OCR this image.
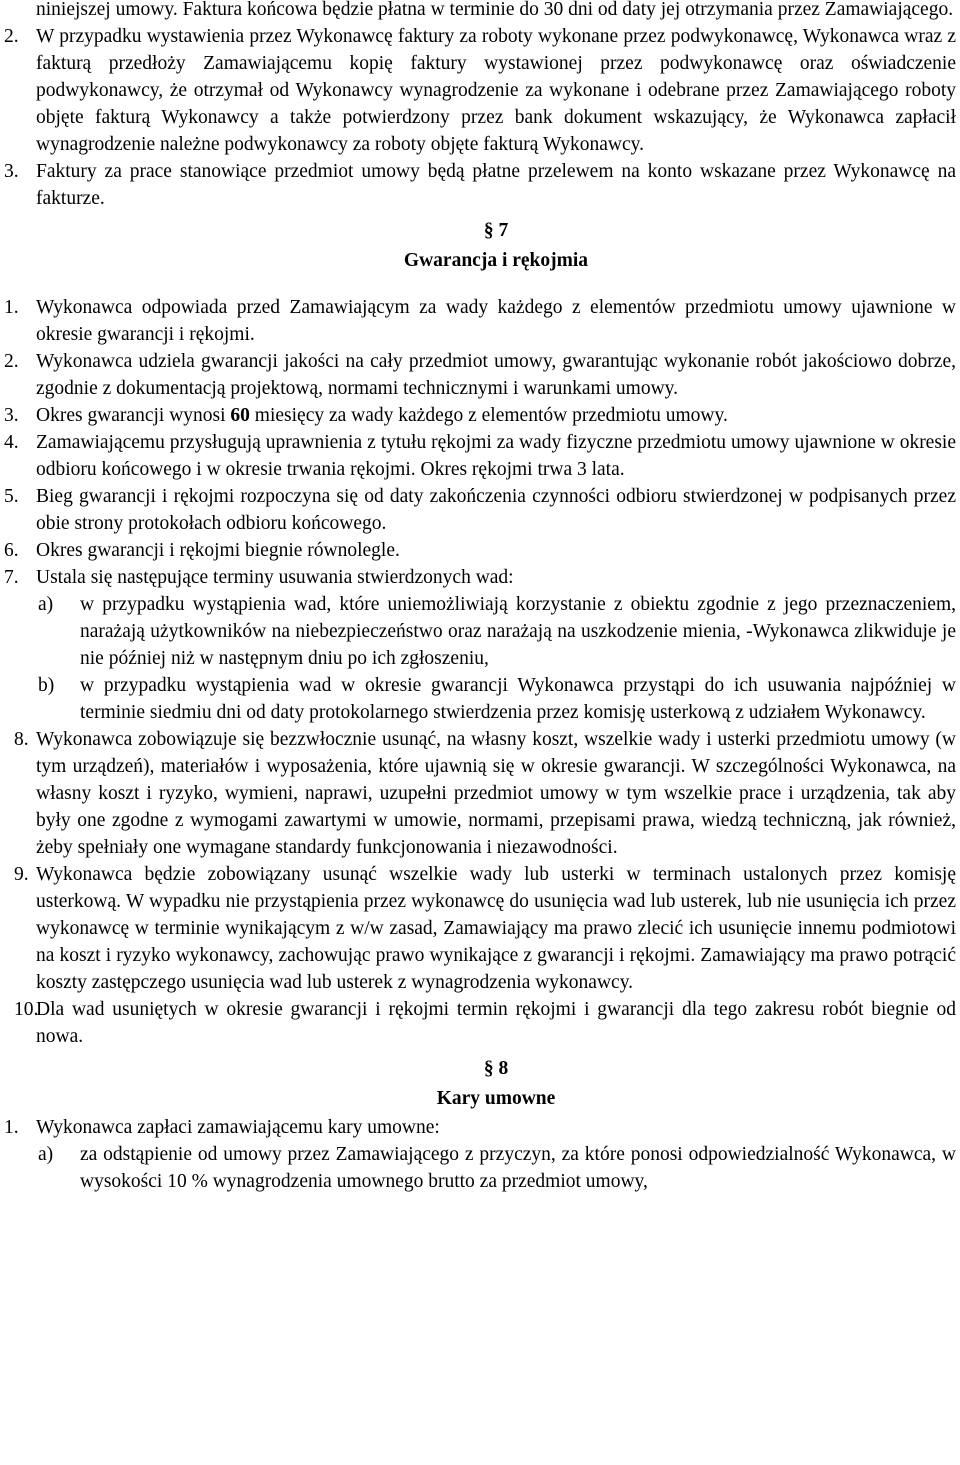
niniejszej umowy. Faktura końcowa będzie płatna w terminie do 30 dni od daty jej otrzymania przez Zamawiającego.

2. W przypadku wystawienia przez Wykonawcę faktury za roboty wykonane przez podwykonawcę, Wykonawca wraz z fakturą przedłoży Zamawiającemu kopię faktury wystawionej przez podwykonawcę oraz oświadczenie podwykonawcy, że otrzymał od Wykonawcy wynagrodzenie za wykonane i odebrane przez Zamawiającego roboty objęte fakturą Wykonawcy a także potwierdzony przez bank dokument wskazujący, że Wykonawca zapłacił wynagrodzenie należne podwykonawcy za roboty objęte fakturą Wykonawcy.
3. Faktury za prace stanowiące przedmiot umowy będą płatne przelewem na konto wskazane przez Wykonawcę na fakturze.
§ 7
Gwarancja i rękojmia
1. Wykonawca odpowiada przed Zamawiającym za wady każdego z elementów przedmiotu umowy ujawnione w okresie gwarancji i rękojmi.
2. Wykonawca udziela gwarancji jakości na cały przedmiot umowy, gwarantując wykonanie robót jakościowo dobrze, zgodnie z dokumentacją projektową, normami technicznymi i warunkami umowy.
3. Okres gwarancji wynosi 60 miesięcy za wady każdego z elementów przedmiotu umowy.
4. Zamawiającemu przysługują uprawnienia z tytułu rękojmi za wady fizyczne przedmiotu umowy ujawnione w okresie odbioru końcowego i w okresie trwania rękojmi. Okres rękojmi trwa 3 lata.
5. Bieg gwarancji i rękojmi rozpoczyna się od daty zakończenia czynności odbioru stwierdzonej w podpisanych przez obie strony protokołach odbioru końcowego.
6. Okres gwarancji i rękojmi biegnie równolegle.
7. Ustala się następujące terminy usuwania stwierdzonych wad:
a) w przypadku wystąpienia wad, które uniemożliwiają korzystanie z obiektu zgodnie z jego przeznaczeniem, narażają użytkowników na niebezpieczeństwo oraz narażają na uszkodzenie mienia, -Wykonawca zlikwiduje je nie później niż w następnym dniu po ich zgłoszeniu,
b) w przypadku wystąpienia wad w okresie gwarancji Wykonawca przystąpi do ich usuwania najpóźniej w terminie siedmiu dni od daty protokolarnego stwierdzenia przez komisję usterkową z udziałem Wykonawcy.
8. Wykonawca zobowiązuje się bezzwłocznie usunąć, na własny koszt, wszelkie wady i usterki przedmiotu umowy (w tym urządzeń), materiałów i wyposażenia, które ujawnią się w okresie gwarancji. W szczególności Wykonawca, na własny koszt i ryzyko, wymieni, naprawi, uzupełni przedmiot umowy w tym wszelkie prace i urządzenia, tak aby były one zgodne z wymogami zawartymi w umowie, normami, przepisami prawa, wiedzą techniczną, jak również, żeby spełniały one wymagane standardy funkcjonowania i niezawodności.
9. Wykonawca będzie zobowiązany usunąć wszelkie wady lub usterki w terminach ustalonych przez komisję usterkową. W wypadku nie przystąpienia przez wykonawcę do usunięcia wad lub usterek, lub nie usunięcia ich przez wykonawcę w terminie wynikającym z w/w zasad, Zamawiający ma prawo zlecić ich usunięcie innemu podmiotowi na koszt i ryzyko wykonawcy, zachowując prawo wynikające z gwarancji i rękojmi. Zamawiający ma prawo potrącić koszty zastępczego usunięcia wad lub usterek z wynagrodzenia wykonawcy.
10.
Dla wad usuniętych w okresie gwarancji i rękojmi termin rękojmi i gwarancji dla tego zakresu robót biegnie od nowa.
§ 8
Kary umowne
1. Wykonawca zapłaci zamawiającemu kary umowne:
a) za odstąpienie od umowy przez Zamawiającego z przyczyn, za które ponosi odpowiedzialność Wykonawca, w wysokości 10 % wynagrodzenia umownego brutto za przedmiot umowy,
